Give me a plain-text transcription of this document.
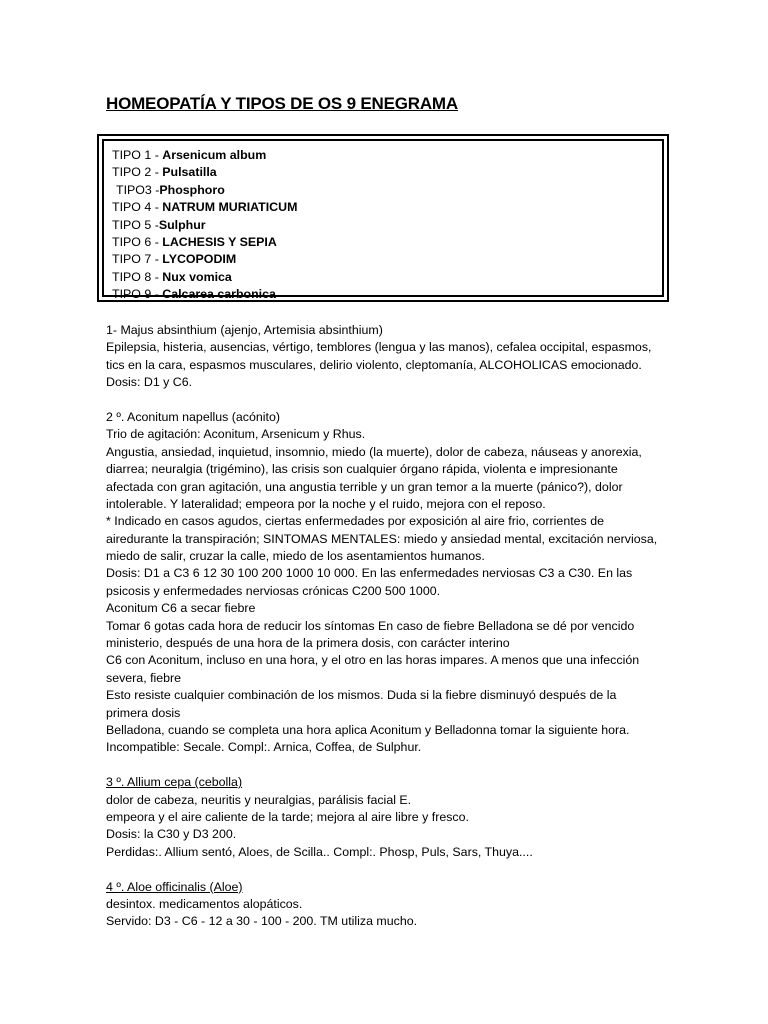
HOMEOPATÍA Y TIPOS DE OS 9 ENEGRAMA
TIPO 1 - Arsenicum album
TIPO 2 - Pulsatilla
TIPO3 -Phosphoro
TIPO 4 - NATRUM MURIATICUM
TIPO 5 -Sulphur
TIPO 6 - LACHESIS Y SEPIA
TIPO 7 - LYCOPODIM
TIPO 8 - Nux vomica
TIPO 9 - Calcarea carbonica
1- Majus absinthium (ajenjo, Artemisia absinthium)
Epilepsia, histeria, ausencias, vértigo, temblores (lengua y las manos), cefalea occipital, espasmos,
tics en la cara, espasmos musculares, delirio violento, cleptomanía, ALCOHOLICAS emocionado.
Dosis: D1 y C6.
2 º. Aconitum napellus (acónito)
Trio de agitación: Aconitum, Arsenicum y Rhus.
Angustia, ansiedad, inquietud, insomnio, miedo (la muerte), dolor de cabeza, náuseas y anorexia,
diarrea; neuralgia (trigémino), las crisis son cualquier órgano rápida, violenta e impresionante
afectada con gran agitación, una angustia terrible y un gran temor a la muerte (pánico?), dolor
intolerable. Y lateralidad; empeora por la noche y el ruido, mejora con el reposo.
* Indicado en casos agudos, ciertas enfermedades por exposición al aire frio, corrientes de
airedurante la transpiración; SINTOMAS MENTALES: miedo y ansiedad mental, excitación nerviosa,
miedo de salir, cruzar la calle, miedo de los asentamientos humanos.
Dosis: D1 a C3 6 12 30 100 200 1000 10 000. En las enfermedades nerviosas C3 a C30. En las
psicosis y enfermedades nerviosas crónicas C200 500 1000.
Aconitum C6 a secar fiebre
Tomar 6 gotas cada hora de reducir los síntomas En caso de fiebre Belladona se dé por vencido
ministerio, después de una hora de la primera dosis, con carácter interino
C6 con Aconitum, incluso en una hora, y el otro en las horas impares. A menos que una infección
severa, fiebre
Esto resiste cualquier combinación de los mismos. Duda si la fiebre disminuyó después de la
primera dosis
Belladona, cuando se completa una hora aplica Aconitum y Belladonna tomar la siguiente hora.
Incompatible: Secale. Compl:. Arnica, Coffea, de Sulphur.
3 º. Allium cepa (cebolla)
dolor de cabeza, neuritis y neuralgias, parálisis facial E.
empeora y el aire caliente de la tarde; mejora al aire libre y fresco.
Dosis: la C30 y D3 200.
Perdidas:. Allium sentó, Aloes, de Scilla.. Compl:. Phosp, Puls, Sars, Thuya....
4 º. Aloe officinalis (Aloe)
desintox. medicamentos alopáticos.
Servido: D3 - C6 - 12 a 30 - 100 - 200. TM utiliza mucho.
